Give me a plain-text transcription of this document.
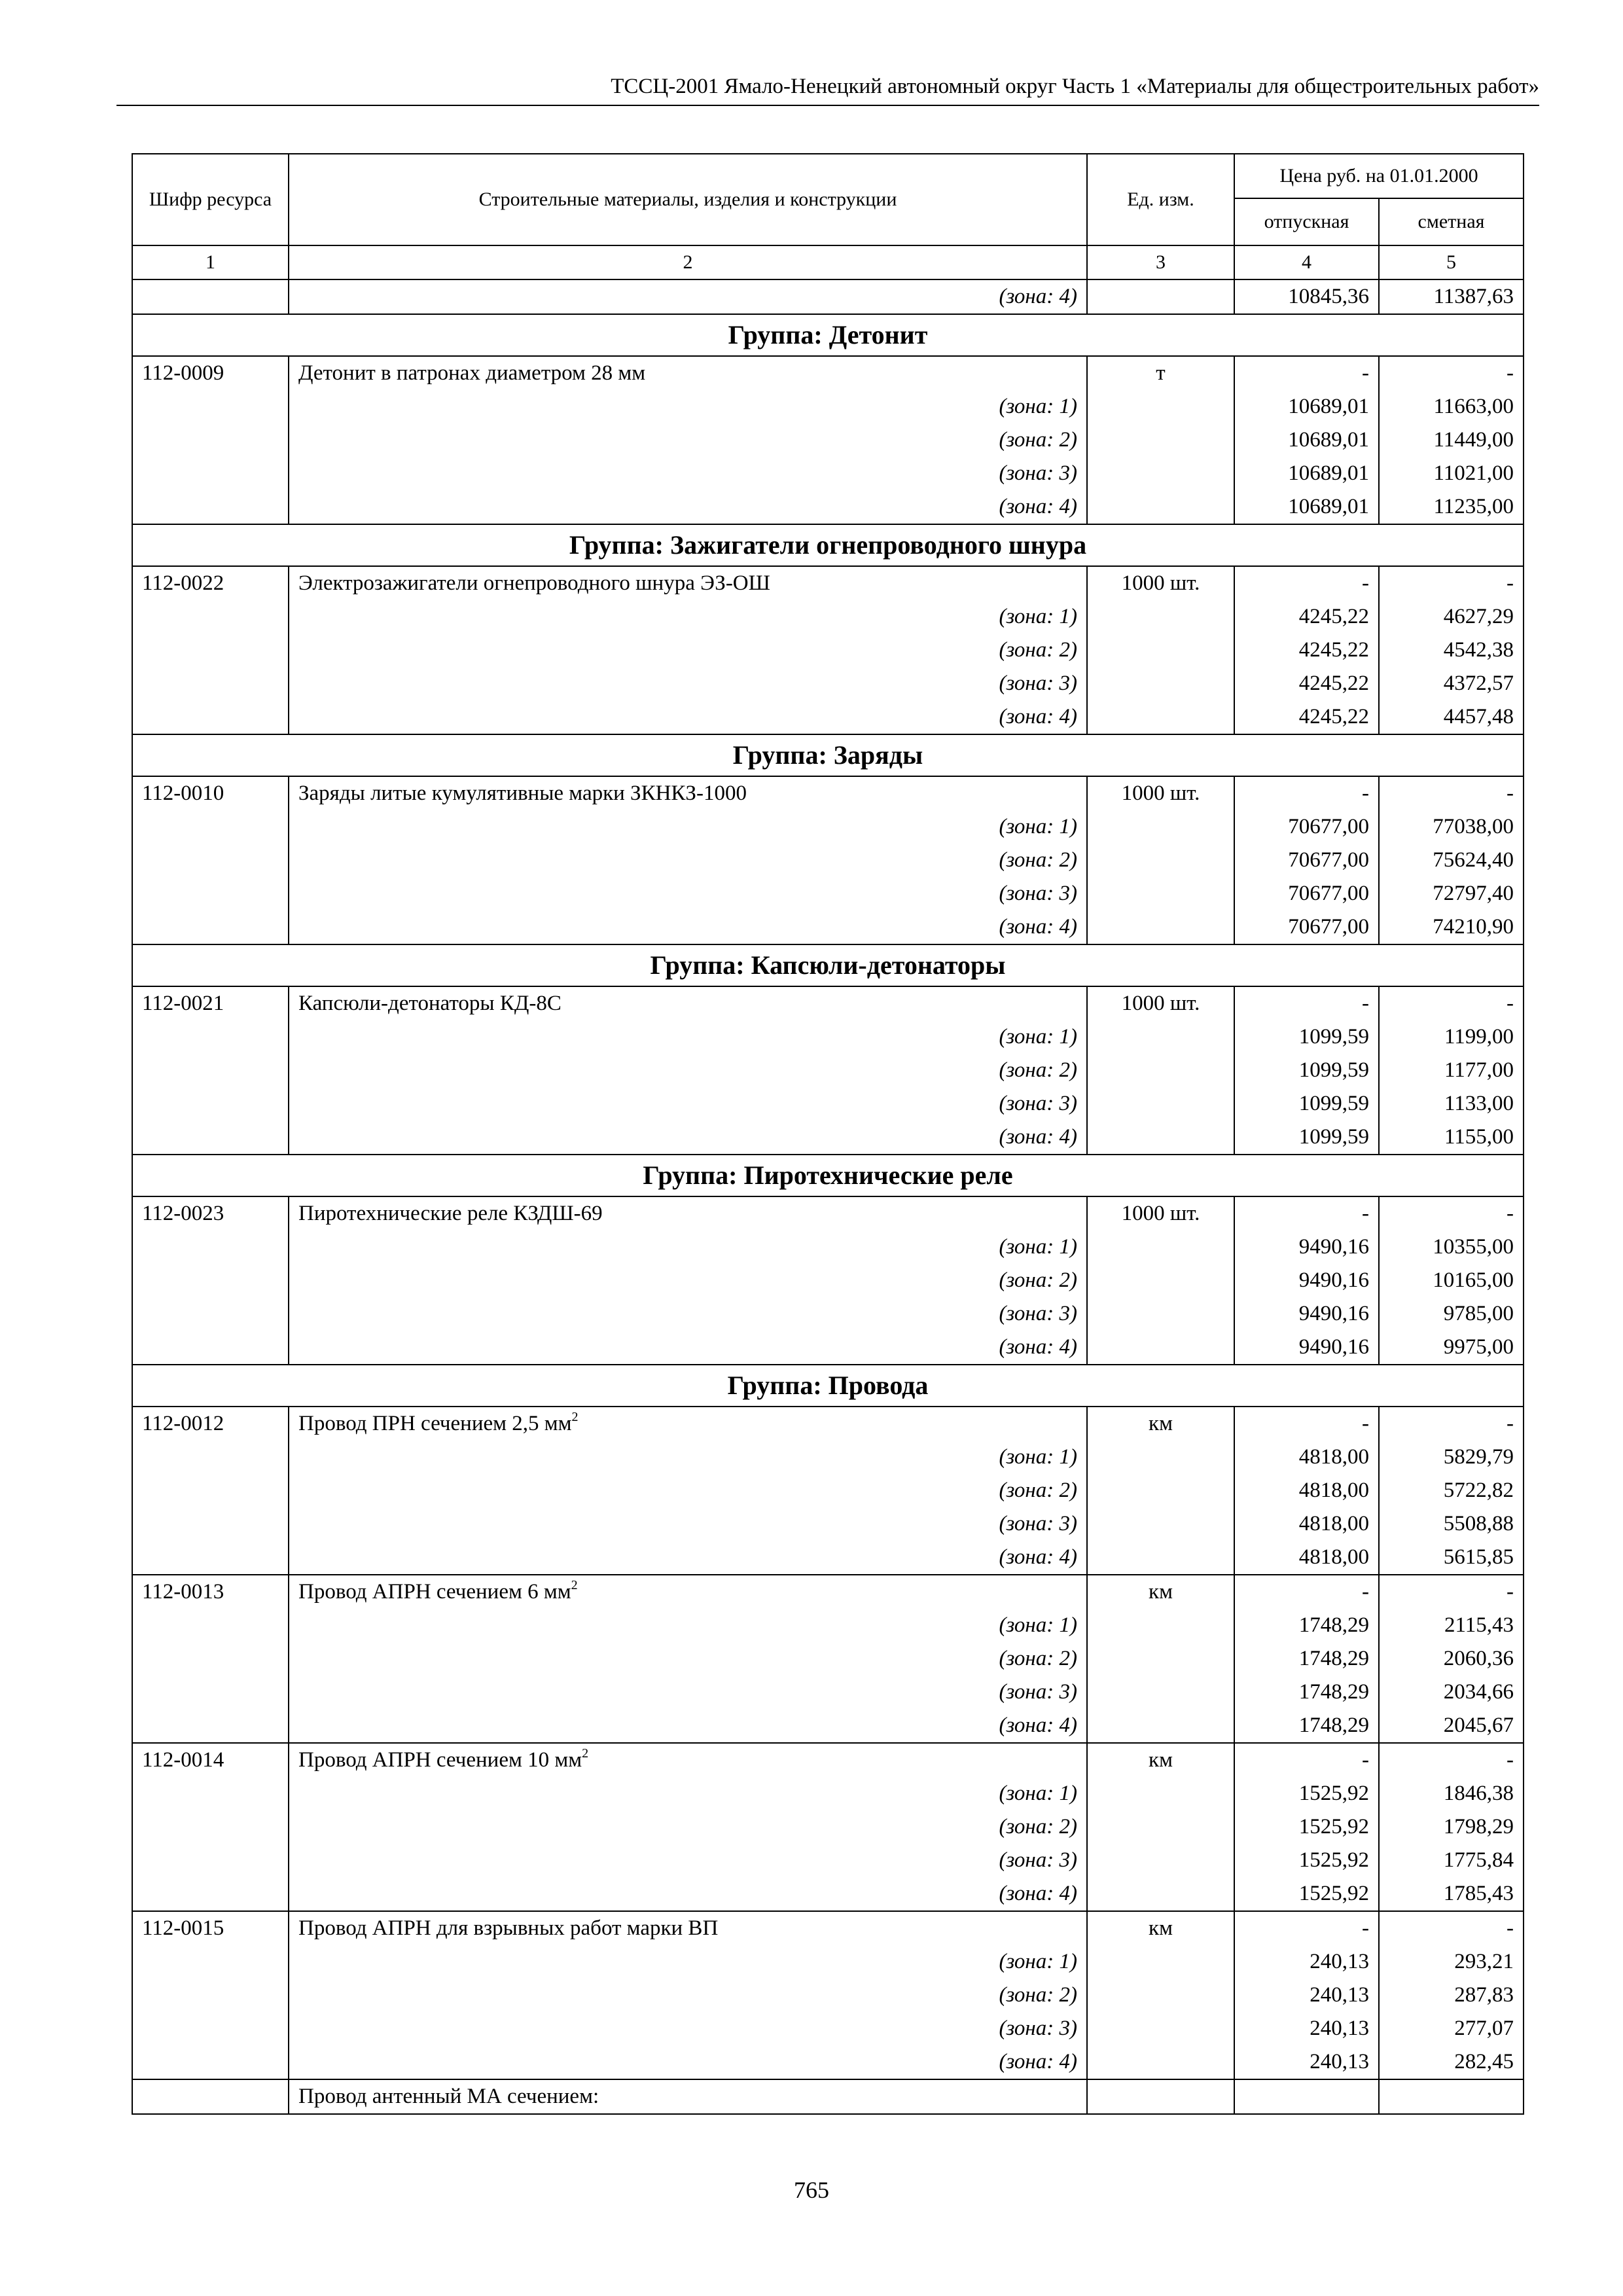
ТССЦ-2001 Ямало-Ненецкий автономный округ Часть 1 «Материалы для общестроительных работ»
Шифр ресурса	Строительные материалы, изделия и конструкции	Ед. изм.	Цена руб. на 01.01.2000	
			отпускная	сметная
1	2	3	4	5
	(зона: 4)		10845,36	11387,63
Группа: Детонит				
112-0009	Детонит в патронах диаметром 28 мм	т	-	-
	(зона: 1)		10689,01	11663,00
	(зона: 2)		10689,01	11449,00
	(зона: 3)		10689,01	11021,00
	(зона: 4)		10689,01	11235,00
Группа: Зажигатели огнепроводного шнура				
112-0022	Электрозажигатели огнепроводного шнура ЭЗ-ОШ	1000 шт.	-	-
	(зона: 1)		4245,22	4627,29
	(зона: 2)		4245,22	4542,38
	(зона: 3)		4245,22	4372,57
	(зона: 4)		4245,22	4457,48
Группа: Заряды				
112-0010	Заряды литые кумулятивные марки ЗКНКЗ-1000	1000 шт.	-	-
	(зона: 1)		70677,00	77038,00
	(зона: 2)		70677,00	75624,40
	(зона: 3)		70677,00	72797,40
	(зона: 4)		70677,00	74210,90
Группа: Капсюли-детонаторы				
112-0021	Капсюли-детонаторы КД-8С	1000 шт.	-	-
	(зона: 1)		1099,59	1199,00
	(зона: 2)		1099,59	1177,00
	(зона: 3)		1099,59	1133,00
	(зона: 4)		1099,59	1155,00
Группа: Пиротехнические реле				
112-0023	Пиротехнические реле КЗДШ-69	1000 шт.	-	-
	(зона: 1)		9490,16	10355,00
	(зона: 2)		9490,16	10165,00
	(зона: 3)		9490,16	9785,00
	(зона: 4)		9490,16	9975,00
Группа: Провода				
112-0012	Провод ПРН сечением 2,5 $мм^2$	км	-	-
	(зона: 1)		4818,00	5829,79
	(зона: 2)		4818,00	5722,82
	(зона: 3)		4818,00	5508,88
	(зона: 4)		4818,00	5615,85
112-0013	Провод АПРН сечением 6 $мм^2$	км	-	-
	(зона: 1)		1748,29	2115,43
	(зона: 2)		1748,29	2060,36
	(зона: 3)		1748,29	2034,66
	(зона: 4)		1748,29	2045,67
112-0014	Провод АПРН сечением 10 $мм^2$	км	-	-
	(зона: 1)		1525,92	1846,38
	(зона: 2)		1525,92	1798,29
	(зона: 3)		1525,92	1775,84
	(зона: 4)		1525,92	1785,43
112-0015	Провод АПРН для взрывных работ марки ВП	км	-	-
	(зона: 1)		240,13	293,21
	(зона: 2)		240,13	287,83
	(зона: 3)		240,13	277,07
	(зона: 4)		240,13	282,45
	Провод антенный МА сечением:			
765
